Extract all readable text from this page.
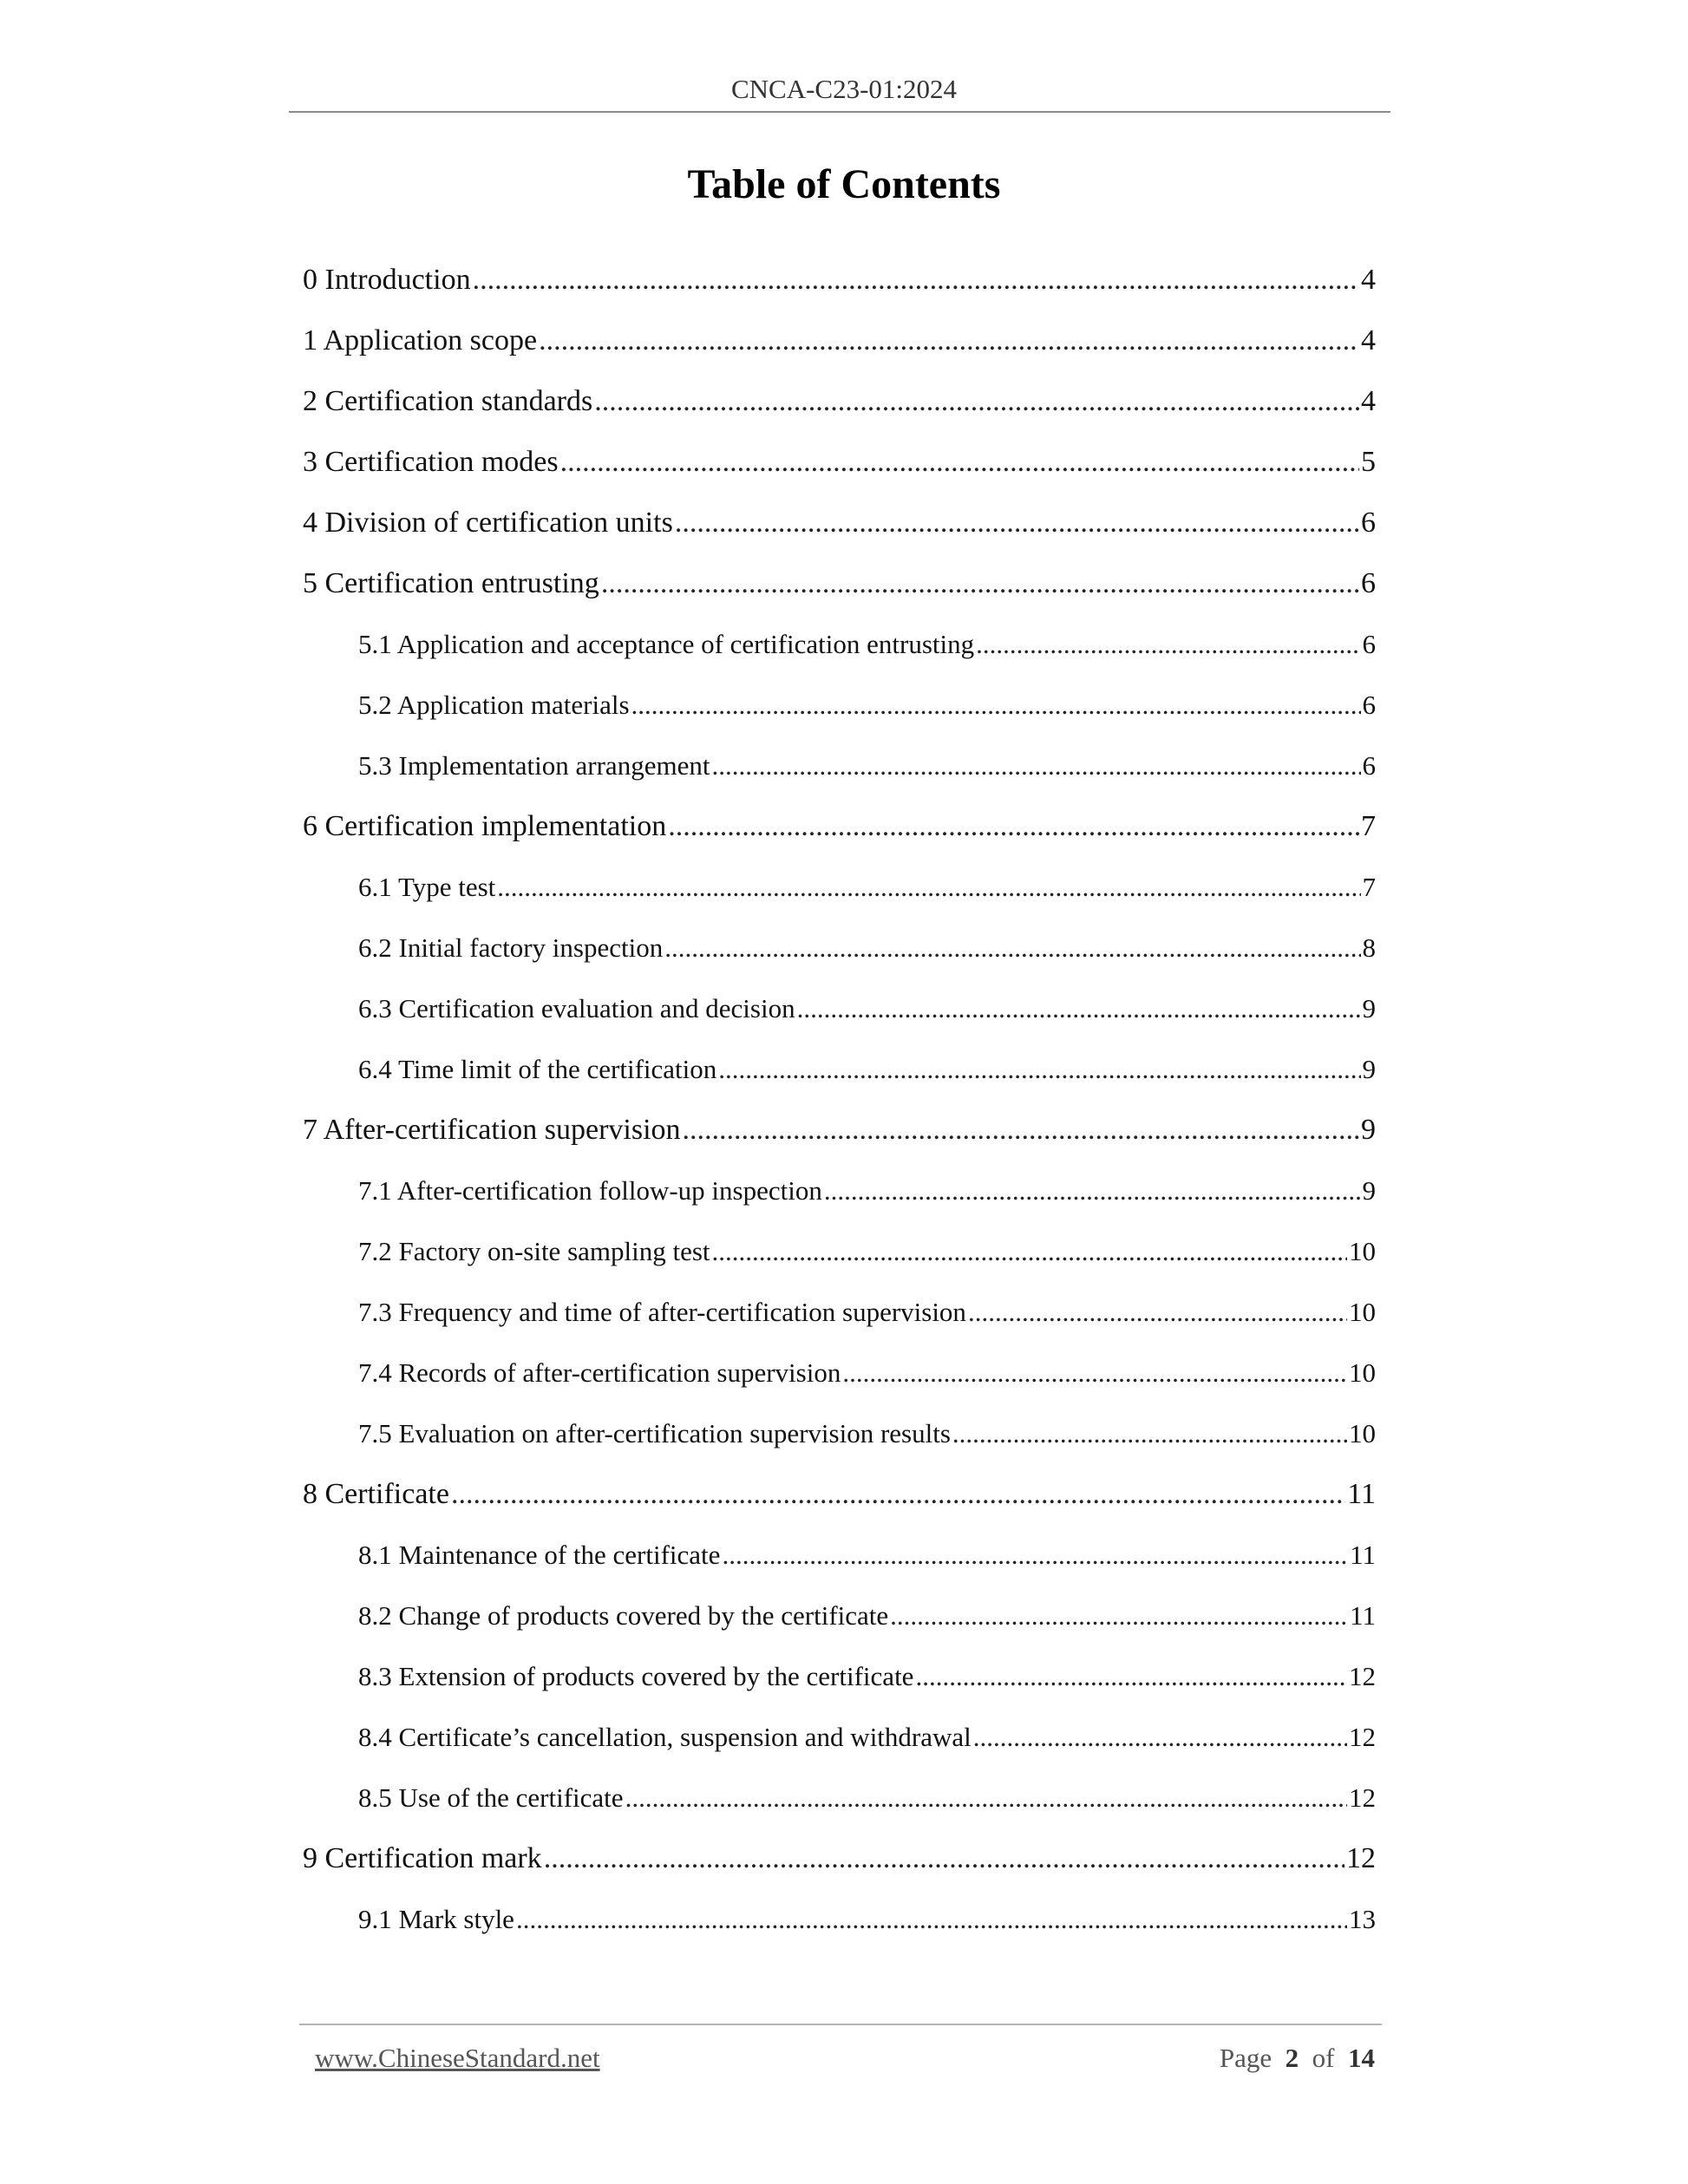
CNCA-C23-01:2024
Table of Contents
0 Introduction .....	4
1 Application scope .....	4
2 Certification standards .....	4
3 Certification modes .....	5
4 Division of certification units .....	6
5 Certification entrusting .....	6
5.1 Application and acceptance of certification entrusting .....	6
5.2 Application materials .....	6
5.3 Implementation arrangement .....	6
6 Certification implementation .....	7
6.1 Type test .....	7
6.2 Initial factory inspection .....	8
6.3 Certification evaluation and decision .....	9
6.4 Time limit of the certification .....	9
7 After-certification supervision .....	9
7.1 After-certification follow-up inspection .....	9
7.2 Factory on-site sampling test .....	10
7.3 Frequency and time of after-certification supervision .....	10
7.4 Records of after-certification supervision .....	10
7.5 Evaluation on after-certification supervision results .....	10
8 Certificate .....	11
8.1 Maintenance of the certificate .....	11
8.2 Change of products covered by the certificate .....	11
8.3 Extension of products covered by the certificate .....	12
8.4 Certificate’s cancellation, suspension and withdrawal .....	12
8.5 Use of the certificate .....	12
9 Certification mark .....	12
9.1 Mark style .....	13
www.ChineseStandard.net	Page 2 of 14
